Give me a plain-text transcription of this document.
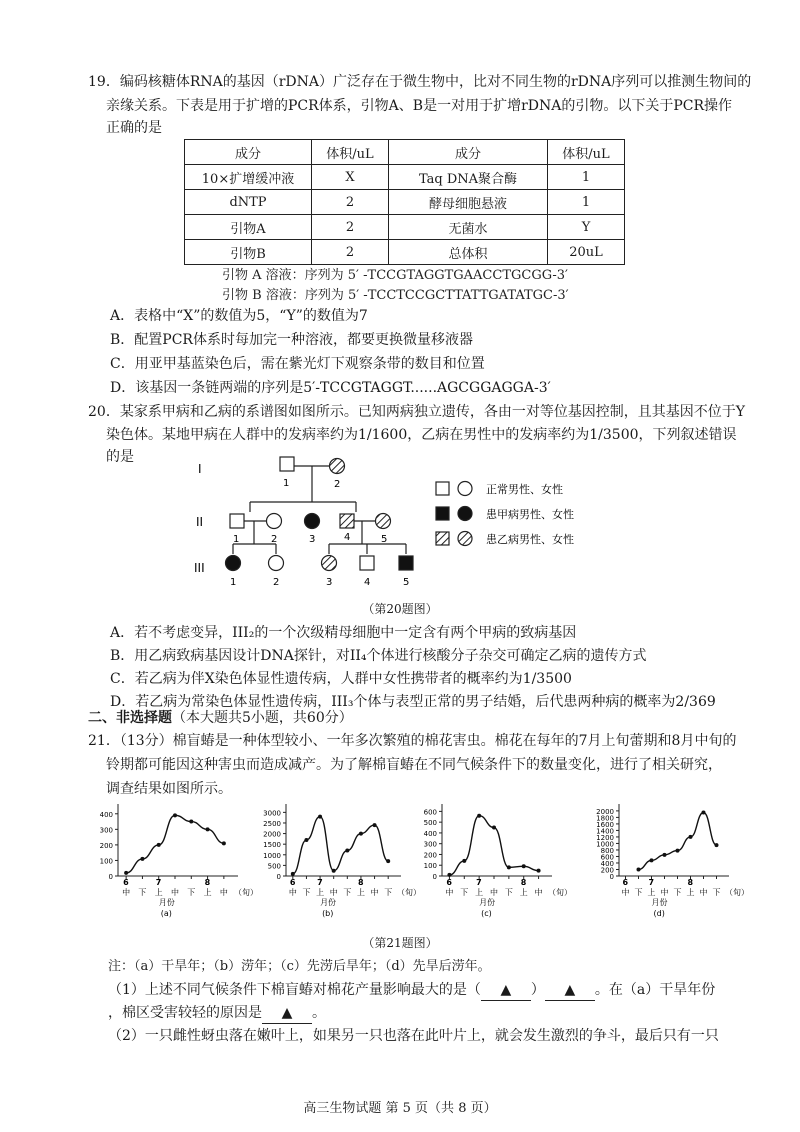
19．编码核糖体RNA的基因（rDNA）广泛存在于微生物中，比对不同生物的rDNA序列可以推测生物间的
亲缘关系。下表是用于扩增的PCR体系，引物A、B是一对用于扩增rDNA的引物。以下关于PCR操作
正确的是
成分	体积/uL	成分	体积/uL
10×扩增缓冲液	X	Taq DNA聚合酶	1
dNTP	2	酵母细胞悬液	1
引物A	2	无菌水	Y
引物B	2	总体积	20uL
引物 A 溶液：序列为 5′ -TCCGTAGGTGAACCTGCGG-3′
引物 B 溶液：序列为 5′ -TCCTCCGCTTATTGATATGC-3′
A．表格中“X”的数值为5，“Y”的数值为7
B．配置PCR体系时每加完一种溶液，都要更换微量移液器
C．用亚甲基蓝染色后，需在紫光灯下观察条带的数目和位置
D．该基因一条链两端的序列是5′-TCCGTAGGT......AGCGGAGGA-3′
20．某家系甲病和乙病的系谱图如图所示。已知两病独立遗传，各由一对等位基因控制，且其基因不位于Y
染色体。某地甲病在人群中的发病率约为1/1600，乙病在男性中的发病率约为1/3500，下列叙述错误
的是
I
II
III
1	2
1	2	3	4	5
1	2	3	4	5
正常男性、女性
患甲病男性、女性
患乙病男性、女性
（第20题图）
A．若不考虑变异，III₂的一个次级精母细胞中一定含有两个甲病的致病基因
B．用乙病致病基因设计DNA探针，对II₄个体进行核酸分子杂交可确定乙病的遗传方式
C．若乙病为伴X染色体显性遗传病，人群中女性携带者的概率约为1/3500
D．若乙病为常染色体显性遗传病，III₃个体与表型正常的男子结婚，后代患两种病的概率为2/369
二、非选择题（本大题共5小题，共60分）
21．（13分）棉盲蝽是一种体型较小、一年多次繁殖的棉花害虫。棉花在每年的7月上旬蕾期和8月中旬的
铃期都可能因这种害虫而造成减产。为了解棉盲蝽在不同气候条件下的数量变化，进行了相关研究，
调查结果如图所示。
0
100
200
300
400
6	7	8
中 下 上 中 下 上 中 （旬）
月份
(a)
0
500
1000
1500
2000
2500
3000
6	7	8
中 下 上 中 下 上 中 下 （旬）
月份
(b)
0
100
200
300
400
500
600
6	7	8
中 下 上 中 下 上 中 （旬）
月份
(c)
0
200
400
600
800
1000
1200
1400
1600
1800
2000
6	7	8
中 下 上 中 下 上 中 下 （旬）
月份
(d)
（第21题图）
注：（a）干旱年；（b）涝年；（c）先涝后旱年；（d）先旱后涝年。
（1）上述不同气候条件下棉盲蝽对棉花产量影响最大的是（ ▲ ） ▲ 。在（a）干旱年份
，棉区受害较轻的原因是 ▲ 。
（2）一只雌性蚜虫落在嫩叶上，如果另一只也落在此叶片上，就会发生激烈的争斗，最后只有一只
高三生物试题 第 5 页（共 8 页）
